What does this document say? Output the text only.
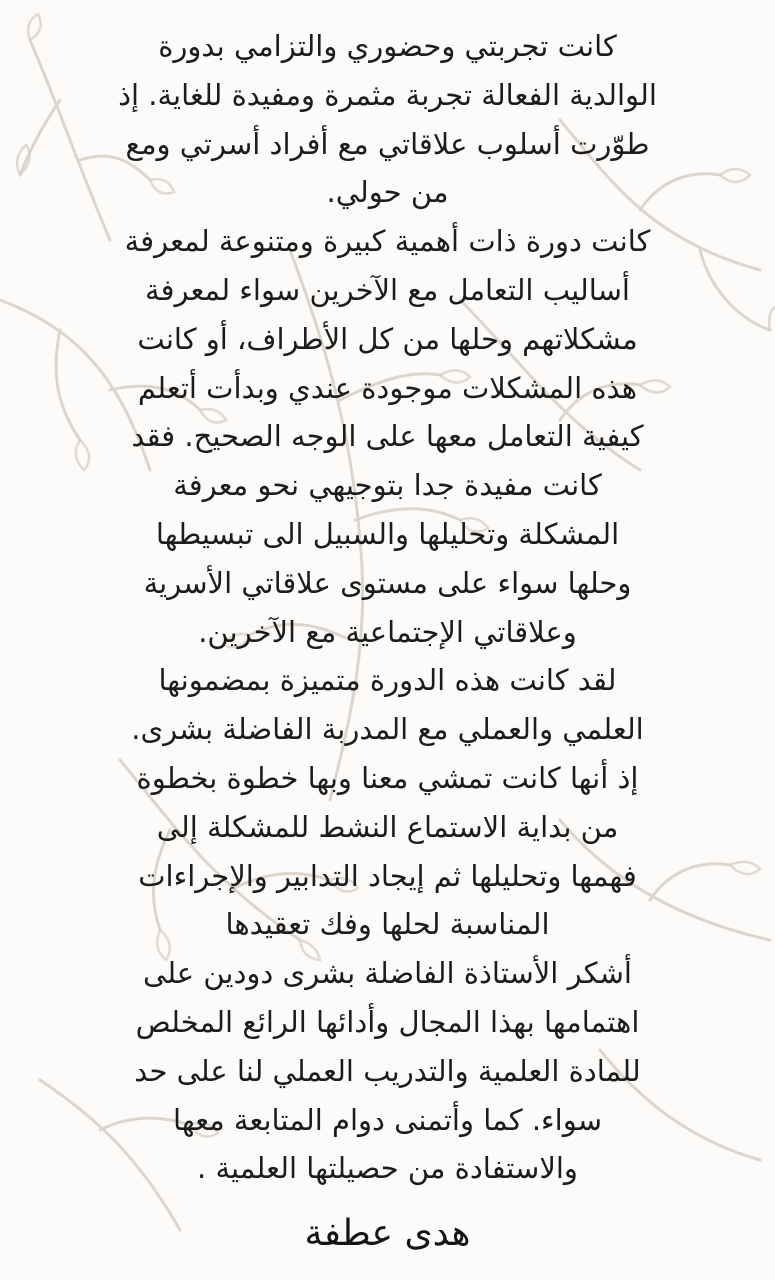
كانت تجربتي وحضوري والتزامي بدورة
الوالدية الفعالة تجربة مثمرة ومفيدة للغاية. إذ
طوّرت أسلوب علاقاتي مع أفراد أسرتي ومع
من حولي.
كانت دورة ذات أهمية كبيرة ومتنوعة لمعرفة
أساليب التعامل مع الآخرين سواء لمعرفة
مشكلاتهم وحلها من كل الأطراف، أو كانت
هذه المشكلات موجودة عندي وبدأت أتعلم
كيفية التعامل معها على الوجه الصحيح. فقد
كانت مفيدة جدا بتوجيهي نحو معرفة
المشكلة وتحليلها والسبيل الى تبسيطها
وحلها سواء على مستوى علاقاتي الأسرية
وعلاقاتي الإجتماعية مع الآخرين.
لقد كانت هذه الدورة متميزة بمضمونها
العلمي والعملي مع المدربة الفاضلة بشرى.
إذ أنها كانت تمشي معنا وبها خطوة بخطوة
من بداية الاستماع النشط للمشكلة إلى
فهمها وتحليلها ثم إيجاد التدابير والإجراءات
المناسبة لحلها وفك تعقيدها
أشكر الأستاذة الفاضلة بشرى دودين على
اهتمامها بهذا المجال وأدائها الرائع المخلص
للمادة العلمية والتدريب العملي لنا على حد
سواء. كما وأتمنى دوام المتابعة معها
والاستفادة من حصيلتها العلمية .
هدى عطفة
